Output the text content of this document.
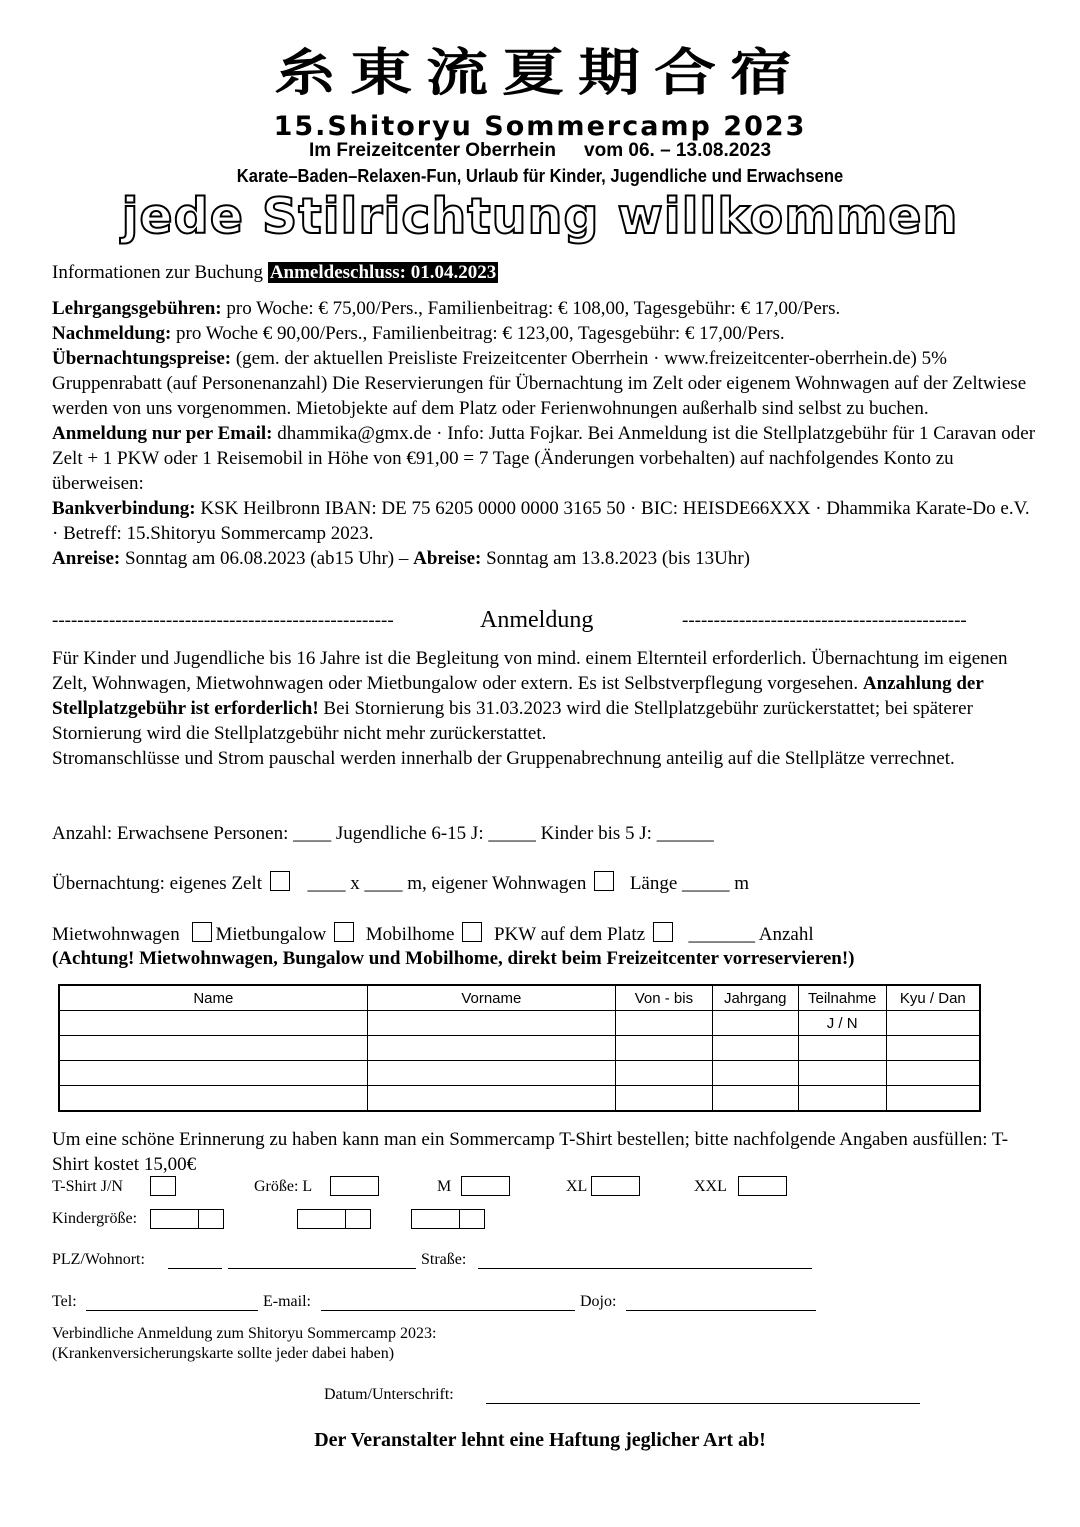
糸東流夏期合宿
15.Shitoryu Sommercamp 2023
Im Freizeitcenter Oberrhein vom 06. – 13.08.2023
Karate–Baden–Relaxen-Fun, Urlaub für Kinder, Jugendliche und Erwachsene
jede Stilrichtung willkommen
Informationen zur Buchung Anmeldeschluss: 01.04.2023
Lehrgangsgebühren: pro Woche: € 75,00/Pers., Familienbeitrag: € 108,00, Tagesgebühr: € 17,00/Pers.
Nachmeldung: pro Woche € 90,00/Pers., Familienbeitrag: € 123,00, Tagesgebühr: € 17,00/Pers.
Übernachtungspreise: (gem. der aktuellen Preisliste Freizeitcenter Oberrhein · www.freizeitcenter-oberrhein.de) 5% Gruppenrabatt (auf Personenanzahl) Die Reservierungen für Übernachtung im Zelt oder eigenem Wohnwagen auf der Zeltwiese werden von uns vorgenommen. Mietobjekte auf dem Platz oder Ferienwohnungen außerhalb sind selbst zu buchen.
Anmeldung nur per Email: dhammika@gmx.de · Info: Jutta Fojkar. Bei Anmeldung ist die Stellplatzgebühr für 1 Caravan oder Zelt + 1 PKW oder 1 Reisemobil in Höhe von €91,00 = 7 Tage (Änderungen vorbehalten) auf nachfolgendes Konto zu überweisen:
Bankverbindung: KSK Heilbronn IBAN: DE 75 6205 0000 0000 3165 50 · BIC: HEISDE66XXX · Dhammika Karate-Do e.V. · Betreff: 15.Shitoryu Sommercamp 2023.
Anreise: Sonntag am 06.08.2023 (ab15 Uhr) – Abreise: Sonntag am 13.8.2023 (bis 13Uhr)
------------------------------------------------------	Anmeldung	---------------------------------------------
Für Kinder und Jugendliche bis 16 Jahre ist die Begleitung von mind. einem Elternteil erforderlich. Übernachtung im eigenen Zelt, Wohnwagen, Mietwohnwagen oder Mietbungalow oder extern. Es ist Selbstverpflegung vorgesehen. Anzahlung der Stellplatzgebühr ist erforderlich! Bei Stornierung bis 31.03.2023 wird die Stellplatzgebühr zurückerstattet; bei späterer Stornierung wird die Stellplatzgebühr nicht mehr zurückerstattet.
Stromanschlüsse und Strom pauschal werden innerhalb der Gruppenabrechnung anteilig auf die Stellplätze verrechnet.
Anzahl: Erwachsene Personen: ____ Jugendliche 6-15 J: _____ Kinder bis 5 J: ______
Übernachtung: eigenes Zelt ____ x ____ m, eigener Wohnwagen Länge _____ m
Mietwohnwagen Mietbungalow Mobilhome PKW auf dem Platz _______ Anzahl
(Achtung! Mietwohnwagen, Bungalow und Mobilhome, direkt beim Freizeitcenter vorreservieren!)
Name	Vorname	Von - bis	Jahrgang	Teilnahme	Kyu / Dan
				J / N	

Um eine schöne Erinnerung zu haben kann man ein Sommercamp T-Shirt bestellen; bitte nachfolgende Angaben ausfüllen: T-Shirt kostet 15,00€
T-Shirt J/N	Größe: L	M	XL	XXL
Kindergröße:
PLZ/Wohnort:	Straße:
Tel:	E-mail:	Dojo:
Verbindliche Anmeldung zum Shitoryu Sommercamp 2023:
(Krankenversicherungskarte sollte jeder dabei haben)
Datum/Unterschrift:
Der Veranstalter lehnt eine Haftung jeglicher Art ab!
